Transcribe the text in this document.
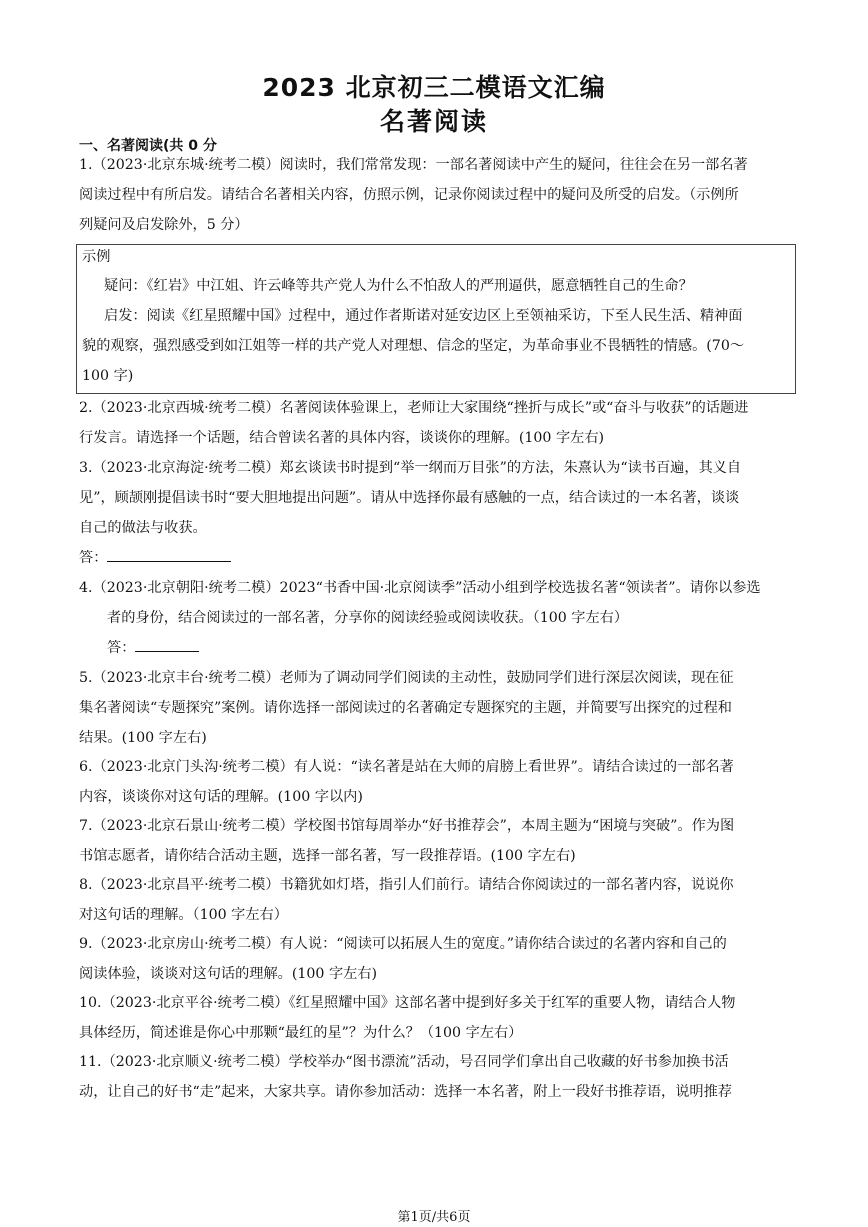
2023 北京初三二模语文汇编
名著阅读
一、名著阅读(共 0 分
1.（2023·北京东城·统考二模）阅读时，我们常常发现：一部名著阅读中产生的疑问，往往会在另一部名著
阅读过程中有所启发。请结合名著相关内容，仿照示例，记录你阅读过程中的疑问及所受的启发。（示例所
列疑问及启发除外，5 分）
示例
疑问：《红岩》中江姐、许云峰等共产党人为什么不怕敌人的严刑逼供，愿意牺牲自己的生命？
启发：阅读《红星照耀中国》过程中，通过作者斯诺对延安边区上至领袖采访，下至人民生活、精神面
貌的观察，强烈感受到如江姐等一样的共产党人对理想、信念的坚定，为革命事业不畏牺牲的情感。(70～
100 字)
2.（2023·北京西城·统考二模）名著阅读体验课上，老师让大家围绕“挫折与成长”或“奋斗与收获”的话题进
行发言。请选择一个话题，结合曾读名著的具体内容，谈谈你的理解。(100 字左右)
3.（2023·北京海淀·统考二模）郑玄谈读书时提到“举一纲而万目张”的方法，朱熹认为“读书百遍，其义自
见”，顾颉刚提倡读书时“要大胆地提出问题”。请从中选择你最有感触的一点，结合读过的一本名著，谈谈
自己的做法与收获。
答：
4.（2023·北京朝阳·统考二模）2023“书香中国·北京阅读季”活动小组到学校选拔名著“领读者”。请你以参选
者的身份，结合阅读过的一部名著，分享你的阅读经验或阅读收获。（100 字左右）
答：
5.（2023·北京丰台·统考二模）老师为了调动同学们阅读的主动性，鼓励同学们进行深层次阅读，现在征
集名著阅读“专题探究”案例。请你选择一部阅读过的名著确定专题探究的主题，并简要写出探究的过程和
结果。(100 字左右)
6.（2023·北京门头沟·统考二模）有人说：“读名著是站在大师的肩膀上看世界”。请结合读过的一部名著
内容，谈谈你对这句话的理解。(100 字以内)
7.（2023·北京石景山·统考二模）学校图书馆每周举办“好书推荐会”，本周主题为“困境与突破”。作为图
书馆志愿者，请你结合活动主题，选择一部名著，写一段推荐语。(100 字左右)
8.（2023·北京昌平·统考二模）书籍犹如灯塔，指引人们前行。请结合你阅读过的一部名著内容，说说你
对这句话的理解。（100 字左右）
9.（2023·北京房山·统考二模）有人说：“阅读可以拓展人生的宽度。”请你结合读过的名著内容和自己的
阅读体验，谈谈对这句话的理解。(100 字左右)
10.（2023·北京平谷·统考二模）《红星照耀中国》这部名著中提到好多关于红军的重要人物，请结合人物
具体经历，简述谁是你心中那颗“最红的星”？为什么？（100 字左右）
11.（2023·北京顺义·统考二模）学校举办“图书漂流”活动，号召同学们拿出自己收藏的好书参加换书活
动，让自己的好书“走”起来，大家共享。请你参加活动：选择一本名著，附上一段好书推荐语，说明推荐
第1页/共6页
